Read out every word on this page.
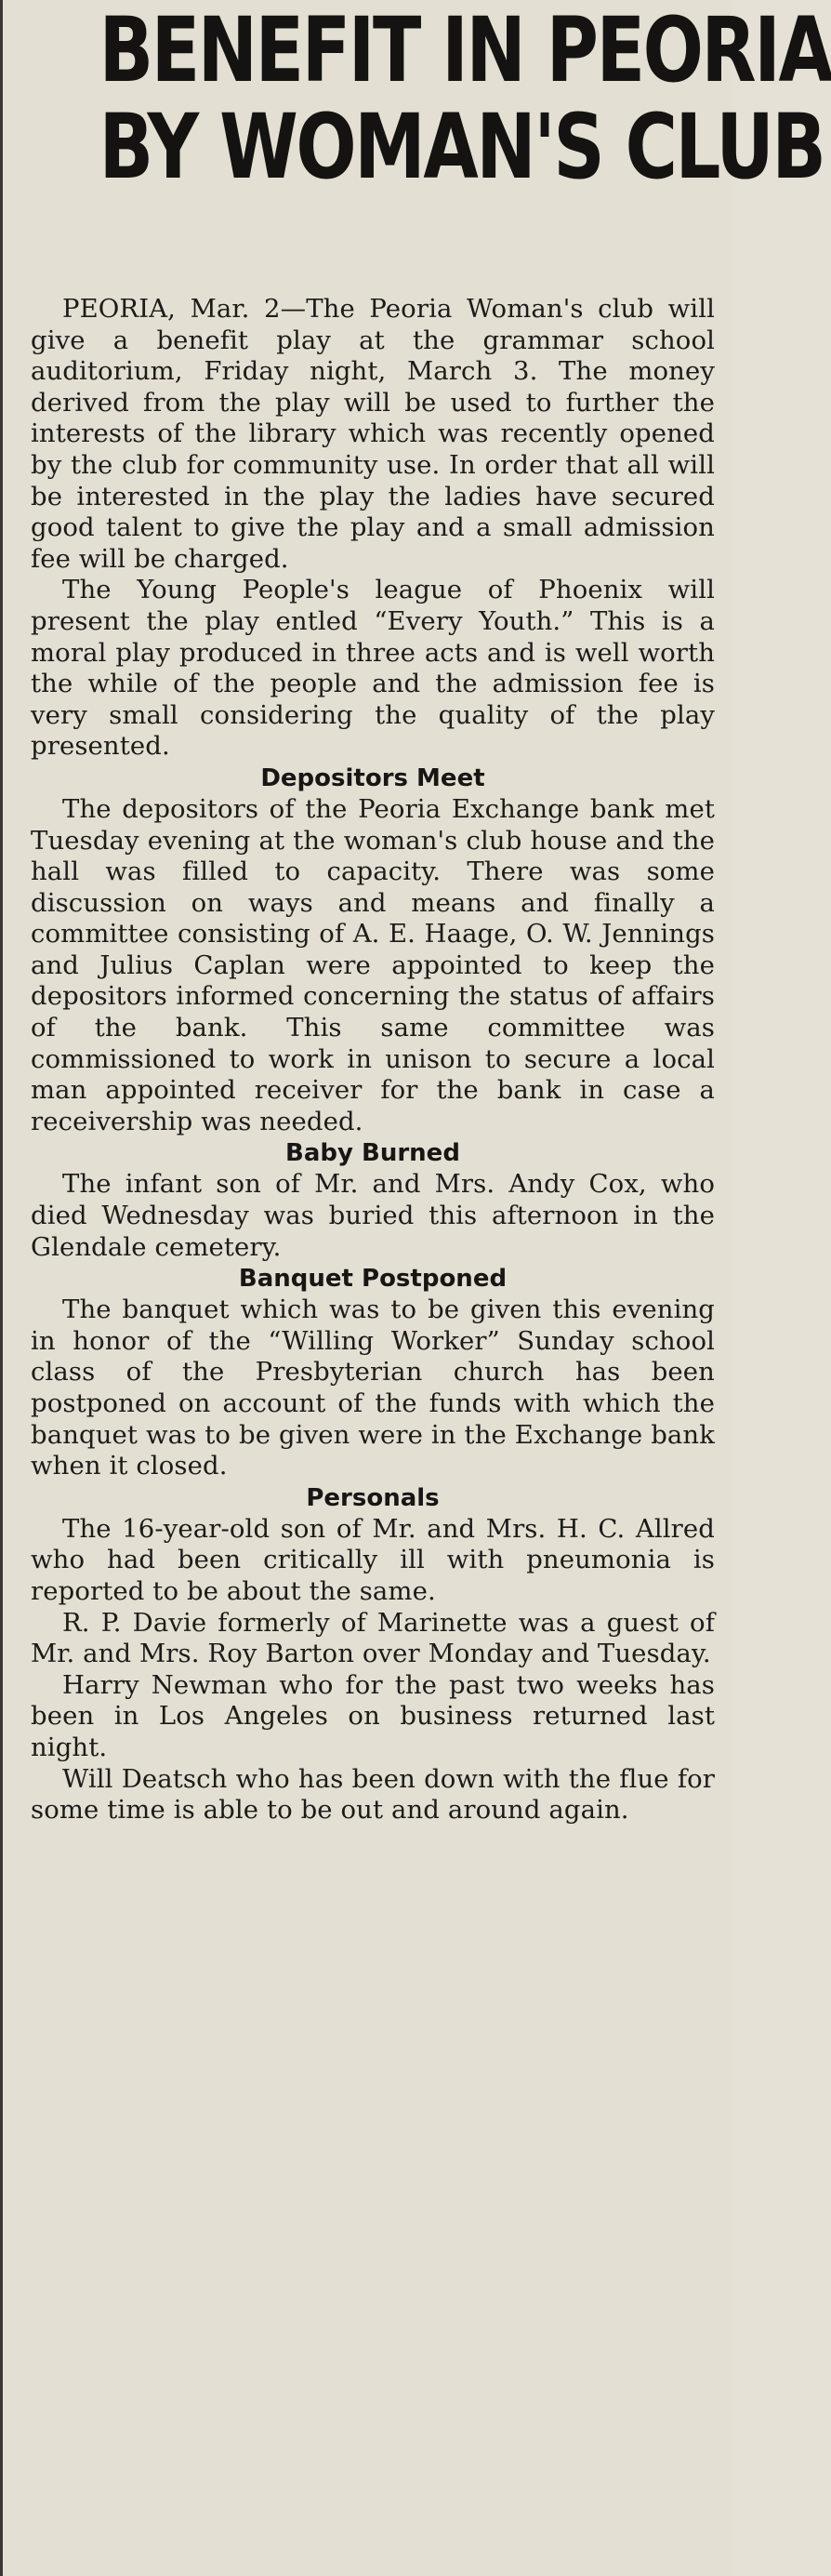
BENEFIT IN PEORIA
BY WOMAN'S CLUB

PEORIA, Mar. 2—The Peoria Woman's club will give a benefit play at the grammar school auditorium, Friday night, March 3. The money derived from the play will be used to further the interests of the library which was recently opened by the club for community use. In order that all will be interested in the play the ladies have secured good talent to give the play and a small admission fee will be charged.

The Young People's league of Phoenix will present the play entled “Every Youth.” This is a moral play produced in three acts and is well worth the while of the people and the admission fee is very small considering the quality of the play presented.

Depositors Meet

The depositors of the Peoria Exchange bank met Tuesday evening at the woman's club house and the hall was filled to capacity. There was some discussion on ways and means and finally a committee consisting of A. E. Haage, O. W. Jennings and Julius Caplan were appointed to keep the depositors informed concerning the status of affairs of the bank. This same committee was commissioned to work in unison to secure a local man appointed receiver for the bank in case a receivership was needed.

Baby Burned

The infant son of Mr. and Mrs. Andy Cox, who died Wednesday was buried this afternoon in the Glendale cemetery.

Banquet Postponed

The banquet which was to be given this evening in honor of the “Willing Worker” Sunday school class of the Presbyterian church has been postponed on account of the funds with which the banquet was to be given were in the Exchange bank when it closed.

Personals

The 16-year-old son of Mr. and Mrs. H. C. Allred who had been critically ill with pneumonia is reported to be about the same.

R. P. Davie formerly of Marinette was a guest of Mr. and Mrs. Roy Barton over Monday and Tuesday.

Harry Newman who for the past two weeks has been in Los Angeles on business returned last night.

Will Deatsch who has been down with the flue for some time is able to be out and around again.
